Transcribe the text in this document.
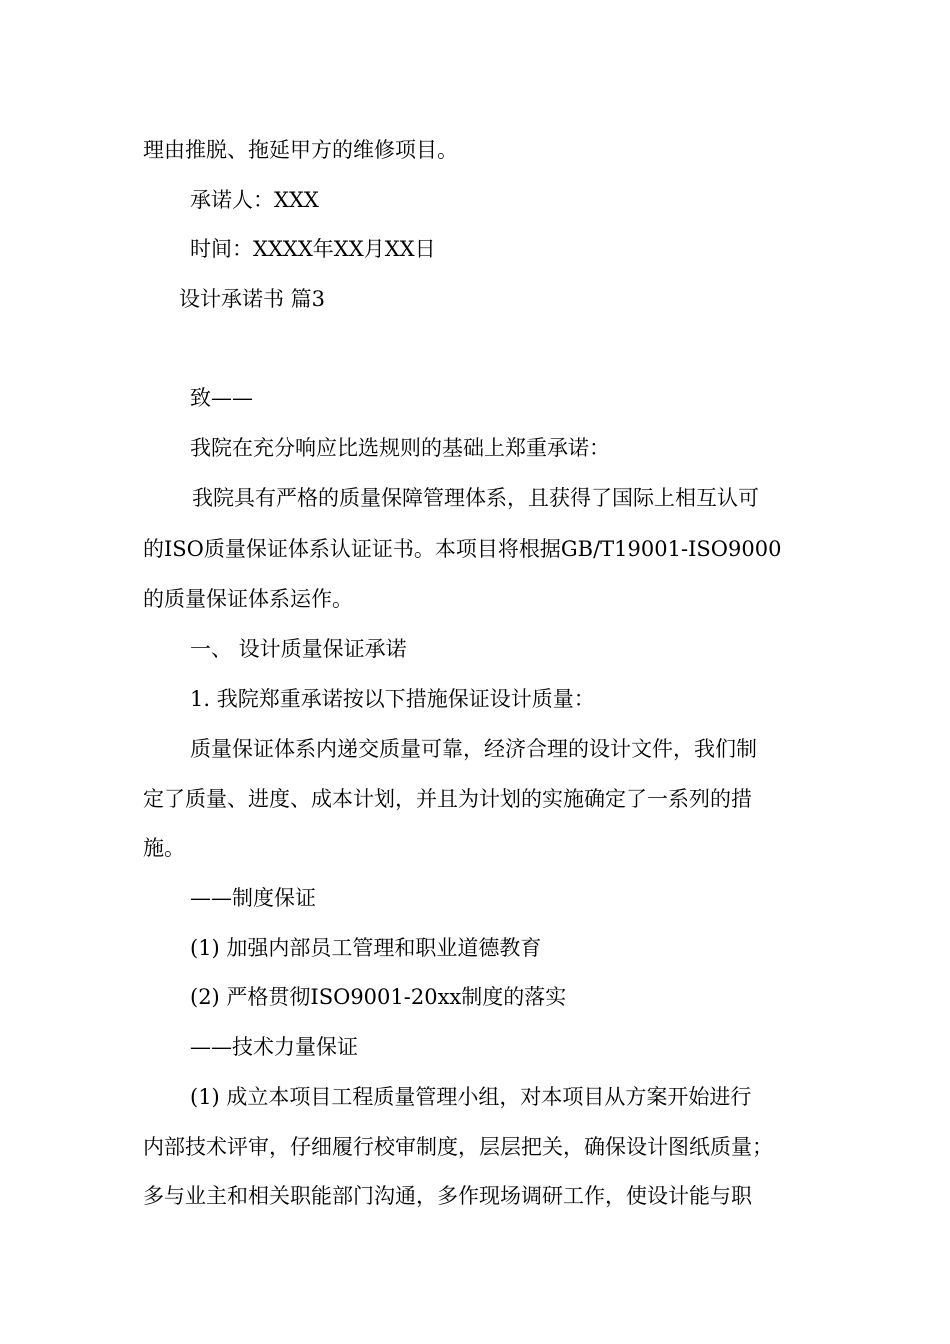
理由推脱、拖延甲方的维修项目。
承诺人：XXX
时间：XXXX年XX月XX日
设计承诺书 篇3
致——
我院在充分响应比选规则的基础上郑重承诺：
我院具有严格的质量保障管理体系，且获得了国际上相互认可
的ISO质量保证体系认证证书。本项目将根据GB/T19001-ISO9000
的质量保证体系运作。
一、 设计质量保证承诺
1. 我院郑重承诺按以下措施保证设计质量：
质量保证体系内递交质量可靠，经济合理的设计文件，我们制
定了质量、进度、成本计划，并且为计划的实施确定了一系列的措
施。
——制度保证
(1) 加强内部员工管理和职业道德教育
(2) 严格贯彻ISO9001-20xx制度的落实
——技术力量保证
(1) 成立本项目工程质量管理小组，对本项目从方案开始进行
内部技术评审，仔细履行校审制度，层层把关，确保设计图纸质量；
多与业主和相关职能部门沟通，多作现场调研工作，使设计能与职
